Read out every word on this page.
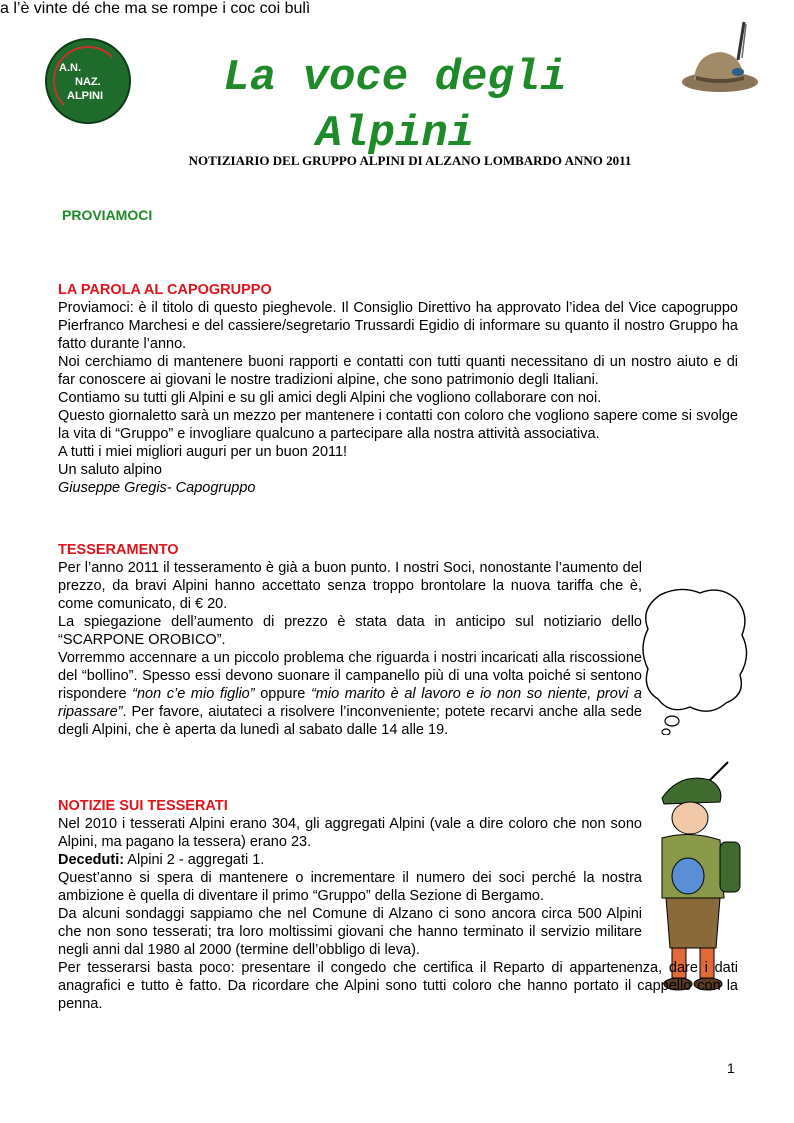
A.N.
NAZ.
ALPINI	La voce degli
Alpini

NOTIZIARIO DEL GRUPPO ALPINI DI ALZANO LOMBARDO ANNO 2011

PROVIAMOCI

LA PAROLA AL CAPOGRUPPO

Proviamoci: è il titolo di questo pieghevole. Il Consiglio Direttivo ha approvato l’idea del Vice capogruppo Pierfranco Marchesi e del cassiere/segretario Trussardi Egidio di informare su quanto il nostro Gruppo ha fatto durante l’anno.

Noi cerchiamo di mantenere buoni rapporti e contatti con tutti quanti necessitano di un nostro aiuto e di far conoscere ai giovani le nostre tradizioni alpine, che sono patrimonio degli Italiani.

Contiamo su tutti gli Alpini e su gli amici degli Alpini che vogliono collaborare con noi.

Questo giornaletto sarà un mezzo per mantenere i contatti con coloro che vogliono sapere come si svolge la vita di “Gruppo” e invogliare qualcuno a partecipare alla nostra attività associativa.

A tutti i miei migliori auguri per un buon 2011!

Un saluto alpino

Giuseppe Gregis- Capogruppo

TESSERAMENTO

Per l’anno 2011 il tesseramento è già a buon punto. I nostri Soci, nonostante l’aumento del prezzo, da bravi Alpini hanno accettato senza troppo brontolare la nuova tariffa che è, come comunicato, di € 20.

La spiegazione dell’aumento di prezzo è stata data in anticipo sul notiziario dello “SCARPONE OROBICO”.

Vorremmo accennare a un piccolo problema che riguarda i nostri incaricati alla riscossione del “bollino”. Spesso essi devono suonare il campanello più di una volta poiché si sentono rispondere “non c’e mio figlio” oppure “mio marito è al lavoro e io non so niente, provi a ripassare”. Per favore, aiutateci a risolvere l’inconveniente; potete recarvi anche alla sede degli Alpini, che è aperta da lunedì al sabato dalle 14 alle 19.

a l’è vinte dé che ma se rompe i coc coi bulì
NOTIZIE SUI TESSERATI

Nel 2010 i tesserati Alpini erano 304, gli aggregati Alpini (vale a dire coloro che non sono Alpini, ma pagano la tessera) erano 23.

Deceduti: Alpini 2 - aggregati 1.

Quest’anno si spera di mantenere o incrementare il numero dei soci perché la nostra ambizione è quella di diventare il primo “Gruppo” della Sezione di Bergamo.

Da alcuni sondaggi sappiamo che nel Comune di Alzano ci sono ancora circa 500 Alpini che non sono tesserati; tra loro moltissimi giovani che hanno terminato il servizio militare negli anni dal 1980 al 2000 (termine dell’obbligo di leva).

Per tesserarsi basta poco: presentare il congedo che certifica il Reparto di appartenenza, dare i dati anagrafici e tutto è fatto. Da ricordare che Alpini sono tutti coloro che hanno portato il cappello con la penna.

1
